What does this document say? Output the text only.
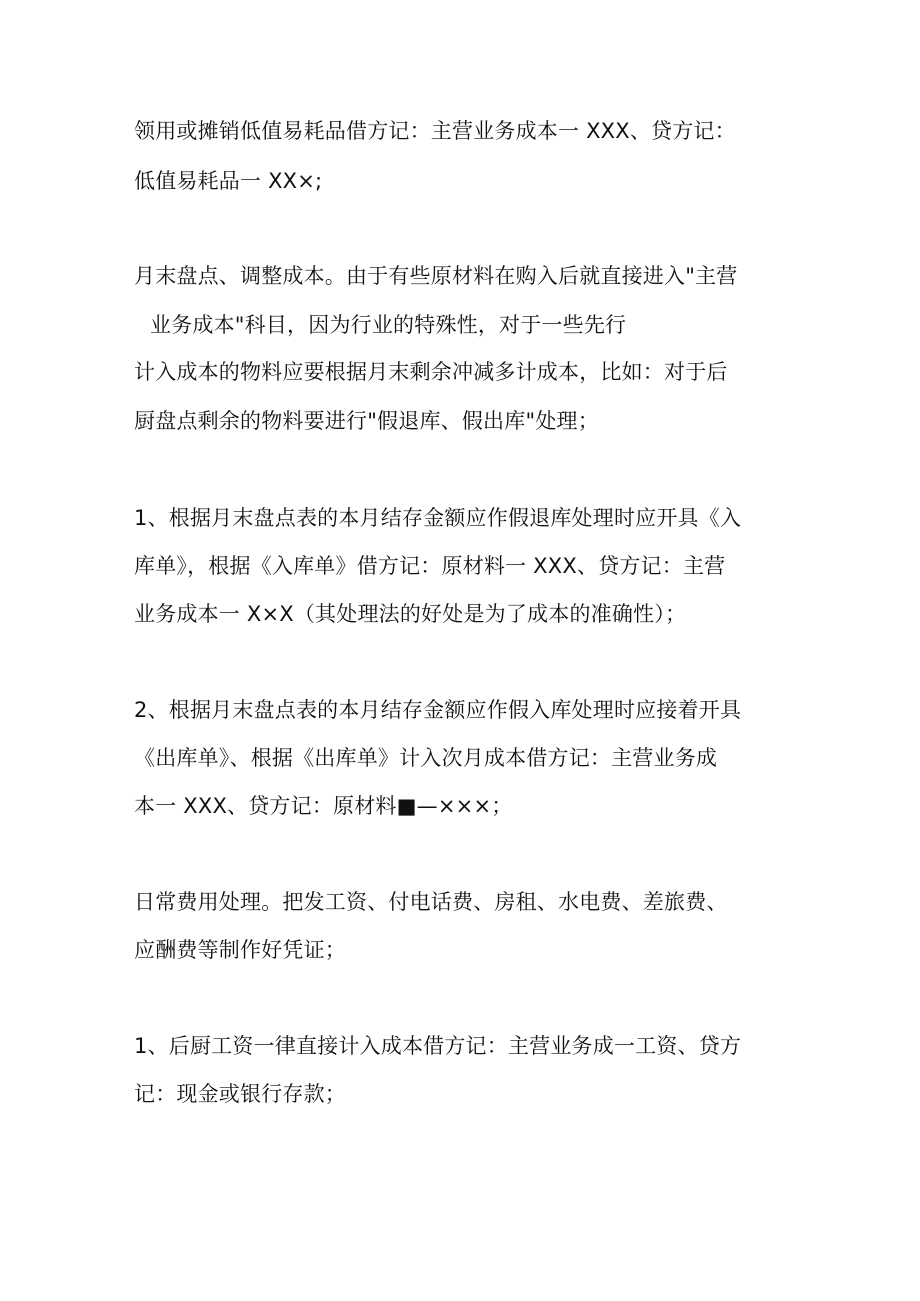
领用或摊销低值易耗品借方记：主营业务成本一 XXX、贷方记：
低值易耗品一 XX×;
月末盘点、调整成本。由于有些原材料在购入后就直接进入"主营
业务成本"科目，因为行业的特殊性，对于一些先行
计入成本的物料应要根据月末剩余冲减多计成本，比如：对于后
厨盘点剩余的物料要进行"假退库、假出库"处理；
1、根据月末盘点表的本月结存金额应作假退库处理时应开具《入
库单》，根据《入库单》借方记：原材料一 XXX、贷方记：主营
业务成本一 X×X（其处理法的好处是为了成本的准确性）；
2、根据月末盘点表的本月结存金额应作假入库处理时应接着开具
《出库单》、根据《出库单》计入次月成本借方记：主营业务成
本一 XXX、贷方记：原材料■—×××；
日常费用处理。把发工资、付电话费、房租、水电费、差旅费、
应酬费等制作好凭证；
1、后厨工资一律直接计入成本借方记：主营业务成一工资、贷方
记：现金或银行存款；
